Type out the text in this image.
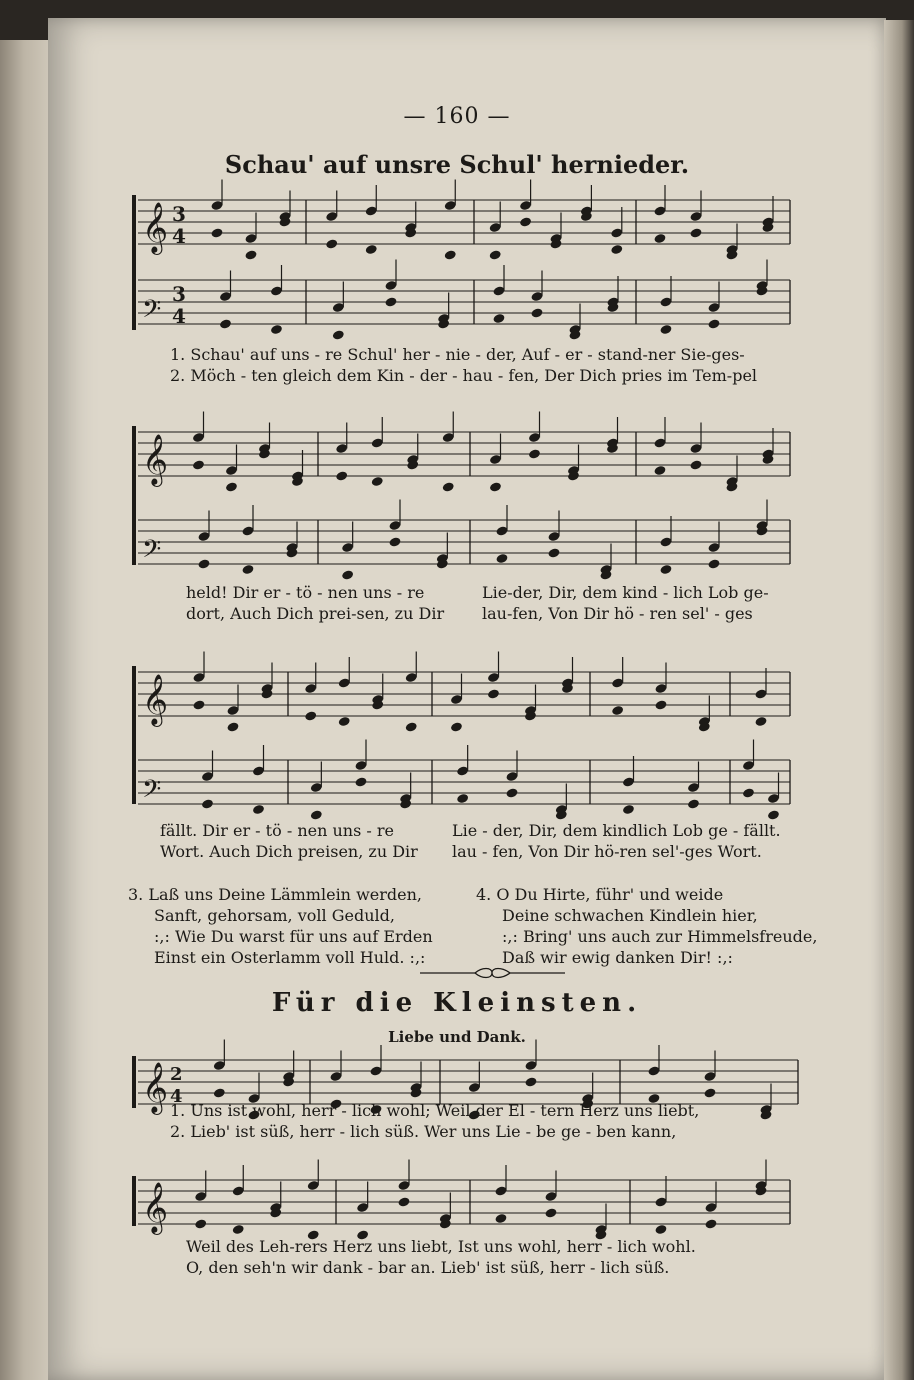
𝄞
𝄢
3
4
3
4
𝄞
𝄢
𝄞
𝄢
𝄞 2
4
𝄞
— 160 —
Schau' auf unsre Schul' hernieder.
1. Schau' auf uns - re Schul' her - nie - der, Auf - er - stand-ner Sie-ges-
2. Möch - ten gleich dem Kin - der - hau - fen, Der Dich pries im Tem-pel
held! Dir er - tö - nen uns - re
dort, Auch Dich prei-sen, zu Dir
Lie-der, Dir, dem kind - lich Lob ge-
lau-fen, Von Dir hö - ren sel' - ges
fällt. Dir er - tö - nen uns - re
Wort. Auch Dich preisen, zu Dir
Lie - der, Dir, dem kindlich Lob ge - fällt.
lau - fen, Von Dir hö-ren sel'-ges Wort.
3. Laß uns Deine Lämmlein werden,
Sanft, gehorsam, voll Geduld,
:,: Wie Du warst für uns auf Erden
Einst ein Osterlamm voll Huld. :,:
4. O Du Hirte, führ' und weide
Deine schwachen Kindlein hier,
:,: Bring' uns auch zur Himmelsfreude,
Daß wir ewig danken Dir! :,:
Für die Kleinsten.
Liebe und Dank.
1. Uns ist wohl, herr - lich wohl; Weil der El - tern Herz uns liebt,
2. Lieb' ist süß, herr - lich süß. Wer uns Lie - be ge - ben kann,
Weil des Leh-rers Herz uns liebt, Ist uns wohl, herr - lich wohl.
O, den seh'n wir dank - bar an. Lieb' ist süß, herr - lich süß.
